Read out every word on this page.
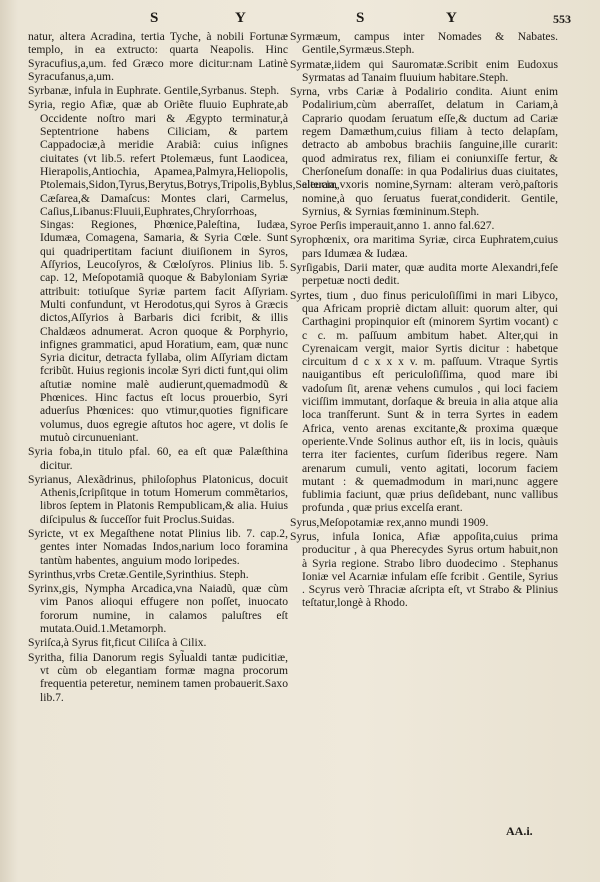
S	Y	S	Y	553

natur, altera Acradina, tertia Tyche, à nobili Fortunæ templo, in ea extructo: quarta Neapolis. Hinc Syracufius,a,um. fed Græco more dicitur:nam Latinè Syracufanus,a,um.

Syrbanæ, infula in Euphrate. Gentile,Syrbanus. Steph.

Syria, regio Afiæ, quæ ab Oriẽte fluuio Euphrate,ab Occidente noſtro mari & Ægypto terminatur,à Septentrione habens Ciliciam, & partem Cappadociæ,à meridie Arabiã: cuius inſignes ciuitates (vt lib.5. refert Ptolemæus, funt Laodicea, Hierapolis,Antiochia, Apamea,Palmyra,Heliopolis, Ptolemais,Sidon,Tyrus,Berytus,Botrys,Tripolis,Byblus,Seleucia, Cæſarea,& Damaſcus: Montes clari, Carmelus, Caſius,Libanus:Fluuii,Euphrates,Chryſorrhoas, Singas: Regiones, Phœnice,Paleſtina, Iudæa, Idumæa, Comagena, Samaria, & Syria Cœle. Sunt qui quadripertitam faciunt diuiſionem in Syros, Aſſyrios, Leucoſyros, & Cœloſyros. Plinius lib. 5. cap. 12, Meſopotamiã quoque & Babyloniam Syriæ attribuit: totiuſque Syriæ partem facit Aſſyriam. Multi confundunt, vt Herodotus,qui Syros à Græcis dictos,Aſſyrios à Barbaris dici fcribit, & illis Chaldæos adnumerat. Acron quoque & Porphyrio, infignes grammatici, apud Horatium, eam, quæ nunc Syria dicitur, detracta fyllaba, olim Aſſyriam dictam fcribũt. Huius regionis incolæ Syri dicti funt,qui olim aſtutiæ nomine malè audierunt,quemadmodũ & Phœnices. Hinc factus eſt locus prouerbio, Syri aduerſus Phœnices: quo vtimur,quoties fignificare volumus, duos egregie aſtutos hoc agere, vt dolis ſe mutuò circunueniant.

Syria foba,in titulo pfal. 60, ea eſt quæ Palæſthina dicitur.

Syrianus, Alexãdrinus, philoſophus Platonicus, docuit Athenis,ſcripſitque in totum Homerum commẽtarios, libros ſeptem in Platonis Rempublicam,& alia. Huius diſcipulus & ſucceſſor fuit Proclus.Suidas.

Syricte, vt ex Megaſthene notat Plinius lib. 7. cap.2, gentes inter Nomadas Indos,narium loco foramina tantùm habentes, anguium modo loripedes.

Syrinthus,vrbs Cretæ.Gentile,Syrinthius. Steph.

Syrinx,gis, Nympha Arcadica,vna Naiadũ, quæ cùm vim Panos alioqui effugere non poſſet, inuocato fororum numine, in calamos paluſtres eſt mutata.Ouid.1.Metamorph.

Syriſca,à Syrus fit,ficut Ciliſca à Cilix.

Syritha, filia Danorum regis Syl̃ualdi tantæ pudicitiæ, vt cùm ob elegantiam formæ magna procorum frequentia peteretur, neminem tamen probauerit.Saxo lib.7.

Syrmæum, campus inter Nomades & Nabates. Gentile,Syrmæus.Steph.

Syrmatæ,iidem qui Sauromatæ.Scribit enim Eudoxus Syrmatas ad Tanaim fluuium habitare.Steph.

Syrna, vrbs Cariæ à Podalirio condita. Aiunt enim Podalirium,cùm aberraſſet, delatum in Cariam,à Caprario quodam ſeruatum eſſe,& ductum ad Cariæ regem Damæthum,cuius filiam à tecto delapſam, detracto ab ambobus brachiis ſanguine,ille curarit: quod admiratus rex, filiam ei coniunxiſſe fertur, & Cherſoneſum donaſſe: in qua Podalirius duas ciuitates, alteram,vxoris nomine,Syrnam: alteram verò,paſtoris nomine,à quo ſeruatus fuerat,condiderit. Gentile, Syrnius, & Syrnias fœmininum.Steph.

Syroe Perſis imperauit,anno 1. anno fal.627.

Syrophœnix, ora maritima Syriæ, circa Euphratem,cuius pars Idumæa & Iudæa.

Syrſigabis, Darii mater, quæ audita morte Alexandri,feſe perpetuæ nocti dedit.

Syrtes, tium , duo finus periculoſiſſimi in mari Libyco, qua Africam propriè dictam alluit: quorum alter, qui Carthagini propinquior eſt (minorem Syrtim vocant) c c c. m. paſſuum ambitum habet. Alter,qui in Cyrenaicam vergit, maior Syrtis dicitur : habetque circuitum d c x x x v. m. paſſuum. Vtraque Syrtis nauigantibus eſt periculoſiſſima, quod mare ibi vadoſum ſit, arenæ vehens cumulos , qui loci faciem viciſſim immutant, dorſaque & breuia in alia atque alia loca tranſferunt. Sunt & in terra Syrtes in eadem Africa, vento arenas excitante,& proxima quæque operiente.Vnde Solinus author eſt, iis in locis, quàuis terra iter facientes, curſum ſideribus regere. Nam arenarum cumuli, vento agitati, locorum faciem mutant : & quemadmodum in mari,nunc aggere fublimia faciunt, quæ prius deſidebant, nunc vallibus profunda , quæ prius excelſa erant.

Syrus,Meſopotamiæ rex,anno mundi 1909.

Syrus, infula Ionica, Afiæ appoſita,cuius prima producitur , à qua Pherecydes Syrus ortum habuit,non à Syria regione. Strabo libro duodecimo . Stephanus Ioniæ vel Acarniæ infulam eſſe fcribit . Gentile, Syrius . Scyrus verò Thraciæ aſcripta eſt, vt Strabo & Plinius teſtatur,longè à Rhodo.

AA.i.
